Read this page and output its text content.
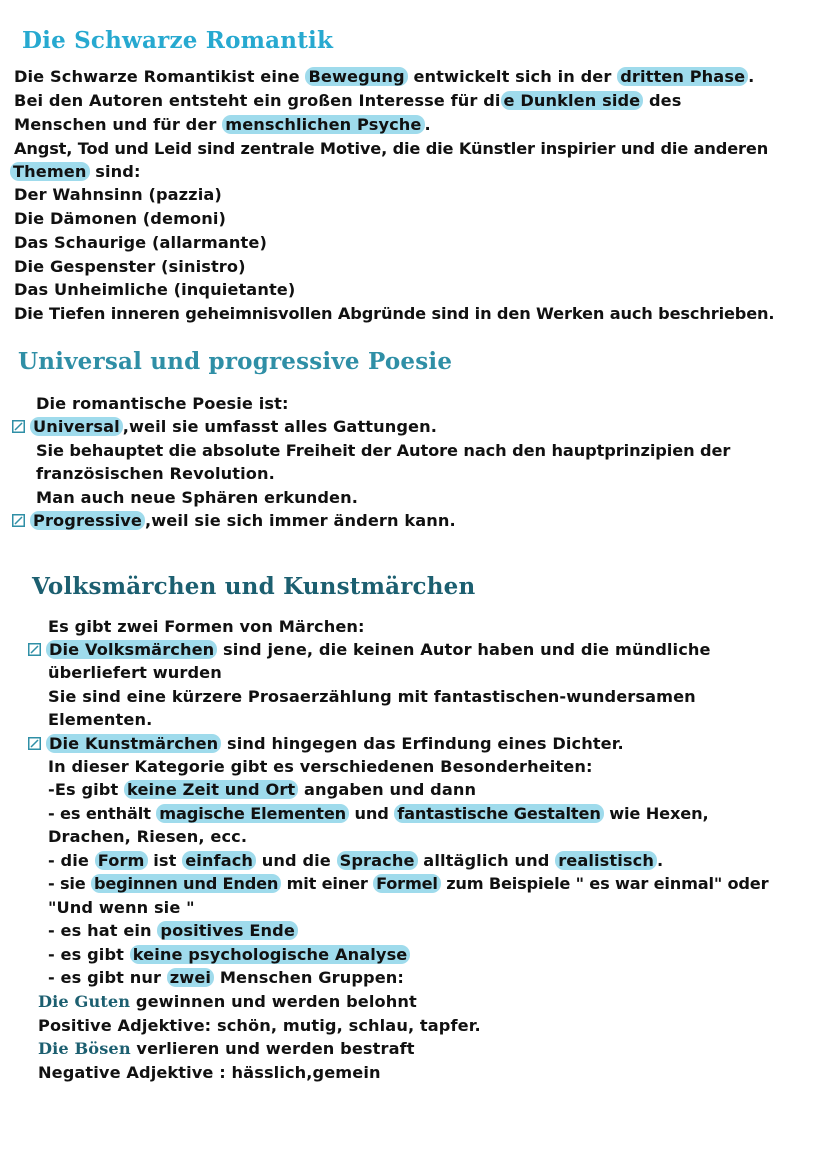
Die Schwarze Romantik
Die Schwarze Romantikist eine Bewegung entwickelt sich in der dritten Phase .
Bei den Autoren entsteht ein großen Interesse für di e Dunklen side des
Menschen und für der menschlichen Psyche .
Angst, Tod und Leid sind zentrale Motive, die die Künstler inspirier und die anderen
Themen sind:
Der Wahnsinn (pazzia)
Die Dämonen (demoni)
Das Schaurige (allarmante)
Die Gespenster (sinistro)
Das Unheimliche (inquietante)
Die Tiefen inneren geheimnisvollen Abgründe sind in den Werken auch beschrieben.
Universal und progressive Poesie
Die romantische Poesie ist:
Universal ,weil sie umfasst alles Gattungen.
Sie behauptet die absolute Freiheit der Autore nach den hauptprinzipien der
französischen Revolution.
Man auch neue Sphären erkunden.
Progressive ,weil sie sich immer ändern kann.
Volksmärchen und Kunstmärchen
Es gibt zwei Formen von Märchen:
Die Volksmärchen sind jene, die keinen Autor haben und die mündliche
überliefert wurden
Sie sind eine kürzere Prosaerzählung mit fantastischen-wundersamen
Elementen.
Die Kunstmärchen sind hingegen das Erfindung eines Dichter.
In dieser Kategorie gibt es verschiedenen Besonderheiten:
-Es gibt keine Zeit und Ort angaben und dann
- es enthält magische Elementen und fantastische Gestalten wie Hexen,
Drachen, Riesen, ecc.
- die Form ist einfach und die Sprache alltäglich und realistisch .
- sie beginnen und Enden mit einer Formel zum Beispiele " es war einmal" oder
"Und wenn sie "
- es hat ein positives Ende
- es gibt keine psychologische Analyse
- es gibt nur zwei Menschen Gruppen:
Die Guten gewinnen und werden belohnt
Positive Adjektive: schön, mutig, schlau, tapfer.
Die Bösen verlieren und werden bestraft
Negative Adjektive : hässlich,gemein
